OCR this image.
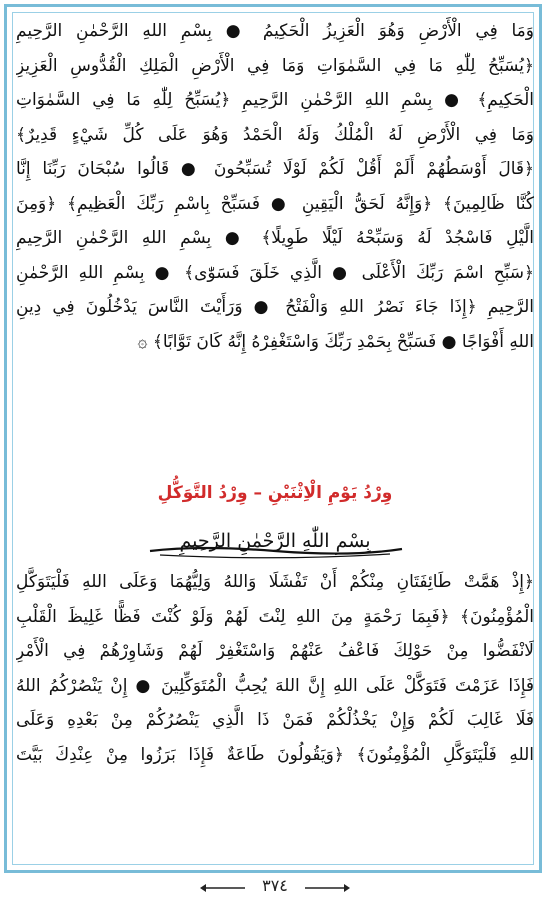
وَمَا فِي الْأَرْضِ وَهُوَ الْعَزِيزُ الْحَكِيمُ ● بِسْمِ اللهِ الرَّحْمٰنِ الرَّحِيمِ
﴿يُسَبِّحُ لِلّٰهِ مَا فِي السَّمٰوَاتِ وَمَا فِي الْأَرْضِ الْمَلِكِ الْقُدُّوسِ الْعَزِيزِ
الْحَكِيمِ﴾ ● بِسْمِ اللهِ الرَّحْمٰنِ الرَّحِيمِ ﴿يُسَبِّحُ لِلّٰهِ مَا فِي السَّمٰوَاتِ
وَمَا فِي الْأَرْضِ لَهُ الْمُلْكُ وَلَهُ الْحَمْدُ وَهُوَ عَلَى كُلِّ شَيْءٍ قَدِيرٌ﴾
﴿قَالَ أَوْسَطُهُمْ أَلَمْ أَقُلْ لَكُمْ لَوْلَا تُسَبِّحُونَ ● قَالُوا سُبْحَانَ رَبِّنَا إِنَّا
كُنَّا ظَالِمِينَ﴾ ﴿وَإِنَّهُ لَحَقُّ الْيَقِينِ ● فَسَبِّحْ بِاسْمِ رَبِّكَ الْعَظِيمِ﴾ ﴿وَمِنَ
الَّيْلِ فَاسْجُدْ لَهُ وَسَبِّحْهُ لَيْلًا طَوِيلًا﴾ ● بِسْمِ اللهِ الرَّحْمٰنِ الرَّحِيمِ
﴿سَبِّحِ اسْمَ رَبِّكَ الْأَعْلَى ● الَّذِي خَلَقَ فَسَوّٰى﴾ ● بِسْمِ اللهِ الرَّحْمٰنِ
الرَّحِيمِ ﴿إِذَا جَاءَ نَصْرُ اللهِ وَالْفَتْحُ ● وَرَأَيْتَ النَّاسَ يَدْخُلُونَ فِي دِينِ
اللهِ أَفْوَاجًا ● فَسَبِّحْ بِحَمْدِ رَبِّكَ وَاسْتَغْفِرْهُ إِنَّهُ كَانَ تَوَّابًا﴾ ۞
وِرْدُ يَوْمِ الْاِثْنَيْنِ – وِرْدُ التَّوَكُّلِ
بِسْمِ اللّٰهِ الرَّحْمٰنِ الرَّحِيمِ
﴿إِذْ هَمَّتْ طَائِفَتَانِ مِنْكُمْ أَنْ تَفْشَلَا وَاللهُ وَلِيُّهُمَا وَعَلَى اللهِ فَلْيَتَوَكَّلِ
الْمُؤْمِنُونَ﴾ ﴿فَبِمَا رَحْمَةٍ مِنَ اللهِ لِنْتَ لَهُمْ وَلَوْ كُنْتَ فَظًّا غَلِيظَ الْقَلْبِ
لَانْفَضُّوا مِنْ حَوْلِكَ فَاعْفُ عَنْهُمْ وَاسْتَغْفِرْ لَهُمْ وَشَاوِرْهُمْ فِي الْأَمْرِ
فَإِذَا عَزَمْتَ فَتَوَكَّلْ عَلَى اللهِ إِنَّ اللهَ يُحِبُّ الْمُتَوَكِّلِينَ ● إِنْ يَنْصُرْكُمُ اللهُ
فَلَا غَالِبَ لَكُمْ وَإِنْ يَخْذُلْكُمْ فَمَنْ ذَا الَّذِي يَنْصُرُكُمْ مِنْ بَعْدِهِ وَعَلَى
اللهِ فَلْيَتَوَكَّلِ الْمُؤْمِنُونَ﴾ ﴿وَيَقُولُونَ طَاعَةٌ فَإِذَا بَرَزُوا مِنْ عِنْدِكَ بَيَّتَ
٣٧٤
